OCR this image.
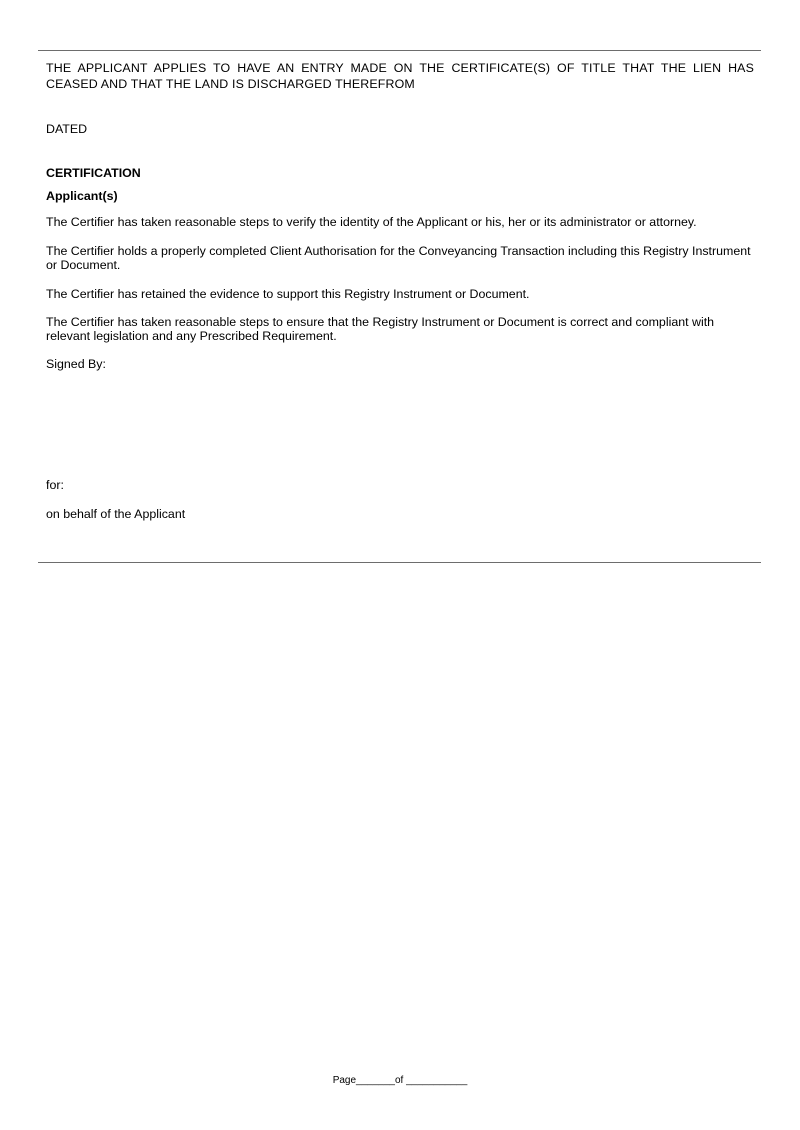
THE APPLICANT APPLIES TO HAVE AN ENTRY MADE ON THE CERTIFICATE(S) OF TITLE THAT THE LIEN HAS CEASED AND THAT THE LAND IS DISCHARGED THEREFROM
DATED
CERTIFICATION
Applicant(s)
The Certifier has taken reasonable steps to verify the identity of the Applicant or his, her or its administrator or attorney.
The Certifier holds a properly completed Client Authorisation for the Conveyancing Transaction including this Registry Instrument or Document.
The Certifier has retained the evidence to support this Registry Instrument or Document.
The Certifier has taken reasonable steps to ensure that the Registry Instrument or Document is correct and compliant with relevant legislation and any Prescribed Requirement.
Signed By:
for:
on behalf of the Applicant
Page_______of ___________
